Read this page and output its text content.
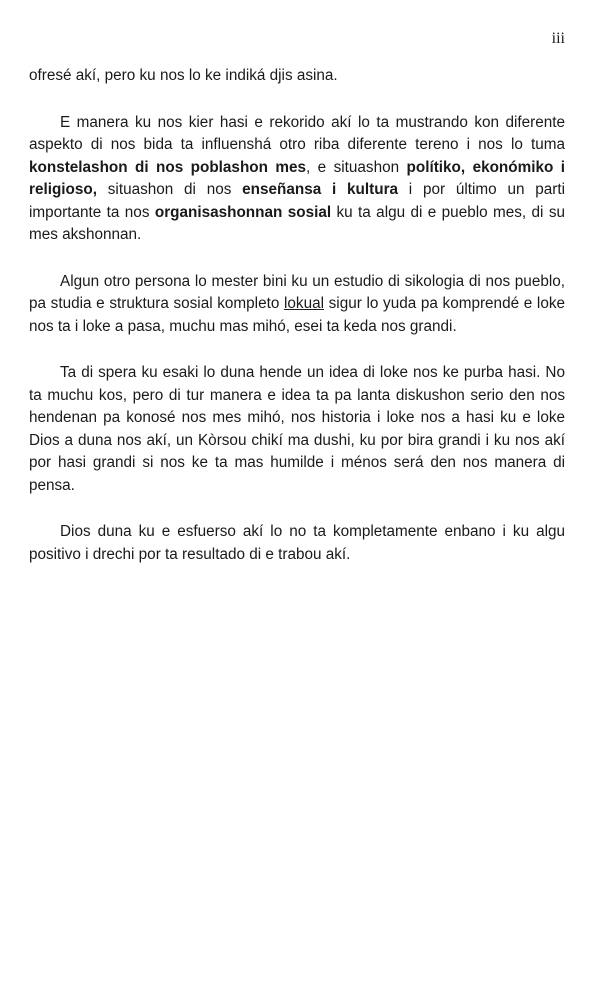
iii

ofresé akí, pero ku nos lo ke indiká djis asina.

E manera ku nos kier hasi e rekorido akí lo ta mustrando kon diferente aspekto di nos bida ta influenshá otro riba diferente tereno i nos lo tuma konstelashon di nos poblashon mes, e situashon polítiko, ekonómiko i religioso, situashon di nos enseñansa i kultura i por último un parti importante ta nos organisashonnan sosial ku ta algu di e pueblo mes, di su mes akshonnan.

Algun otro persona lo mester bini ku un estudio di sikologia di nos pueblo, pa studia e struktura sosial kompleto lokual sigur lo yuda pa komprendé e loke nos ta i loke a pasa, muchu mas mihó, esei ta keda nos grandi.

Ta di spera ku esaki lo duna hende un idea di loke nos ke purba hasi. No ta muchu kos, pero di tur manera e idea ta pa lanta diskushon serio den nos hendenan pa konosé nos mes mihó, nos historia i loke nos a hasi ku e loke Dios a duna nos akí, un Kòrsou chikí ma dushi, ku por bira grandi i ku nos akí por hasi grandi si nos ke ta mas humilde i ménos será den nos manera di pensa.

Dios duna ku e esfuerso akí lo no ta kompletamente enbano i ku algu positivo i drechi por ta resultado di e trabou akí.
